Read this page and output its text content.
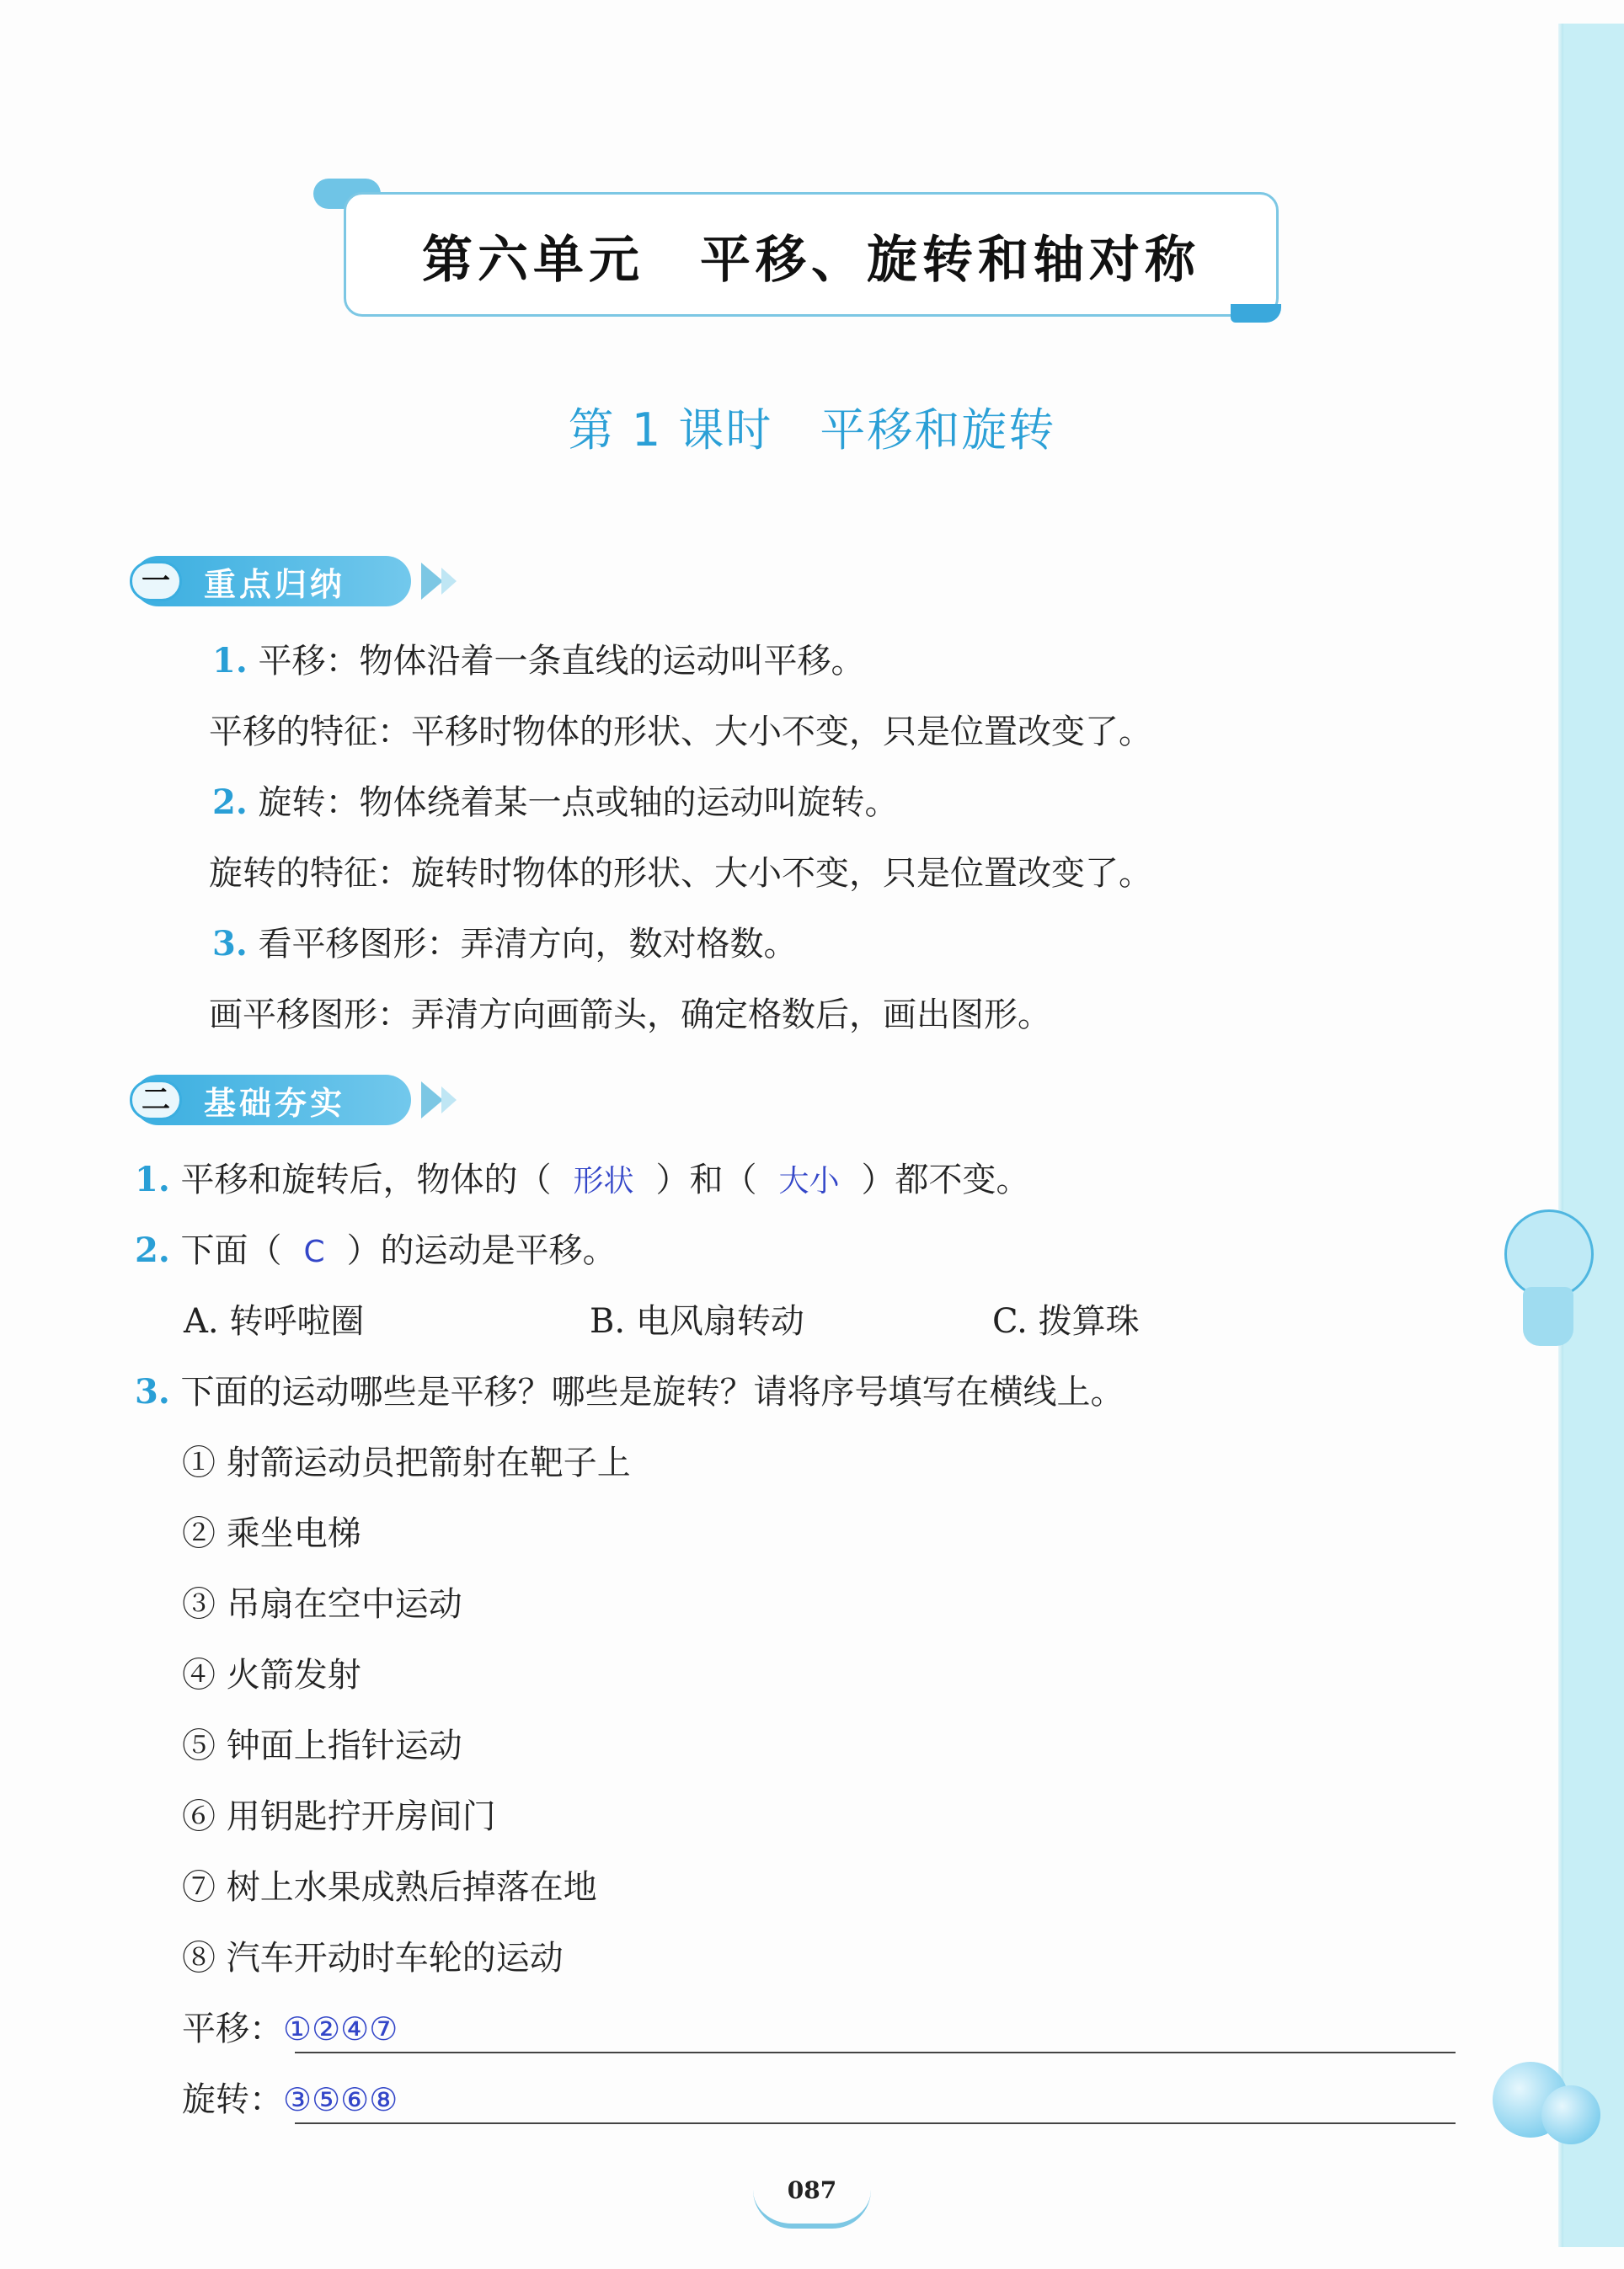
第六单元　平移、旋转和轴对称
第 1 课时　平移和旋转
一	重点归纳
1. 平移：物体沿着一条直线的运动叫平移。
平移的特征：平移时物体的形状、大小不变，只是位置改变了。
2. 旋转：物体绕着某一点或轴的运动叫旋转。
旋转的特征：旋转时物体的形状、大小不变，只是位置改变了。
3. 看平移图形：弄清方向，数对格数。
画平移图形：弄清方向画箭头，确定格数后，画出图形。
二	基础夯实
1. 平移和旋转后，物体的（ 形状 ）和（ 大小 ）都不变。
2. 下面（ C ）的运动是平移。
A. 转呼啦圈	B. 电风扇转动	C. 拨算珠
3. 下面的运动哪些是平移？哪些是旋转？请将序号填写在横线上。
① 射箭运动员把箭射在靶子上
② 乘坐电梯
③ 吊扇在空中运动
④ 火箭发射
⑤ 钟面上指针运动
⑥ 用钥匙拧开房间门
⑦ 树上水果成熟后掉落在地
⑧ 汽车开动时车轮的运动
平移：①②④⑦
旋转：③⑤⑥⑧
087
